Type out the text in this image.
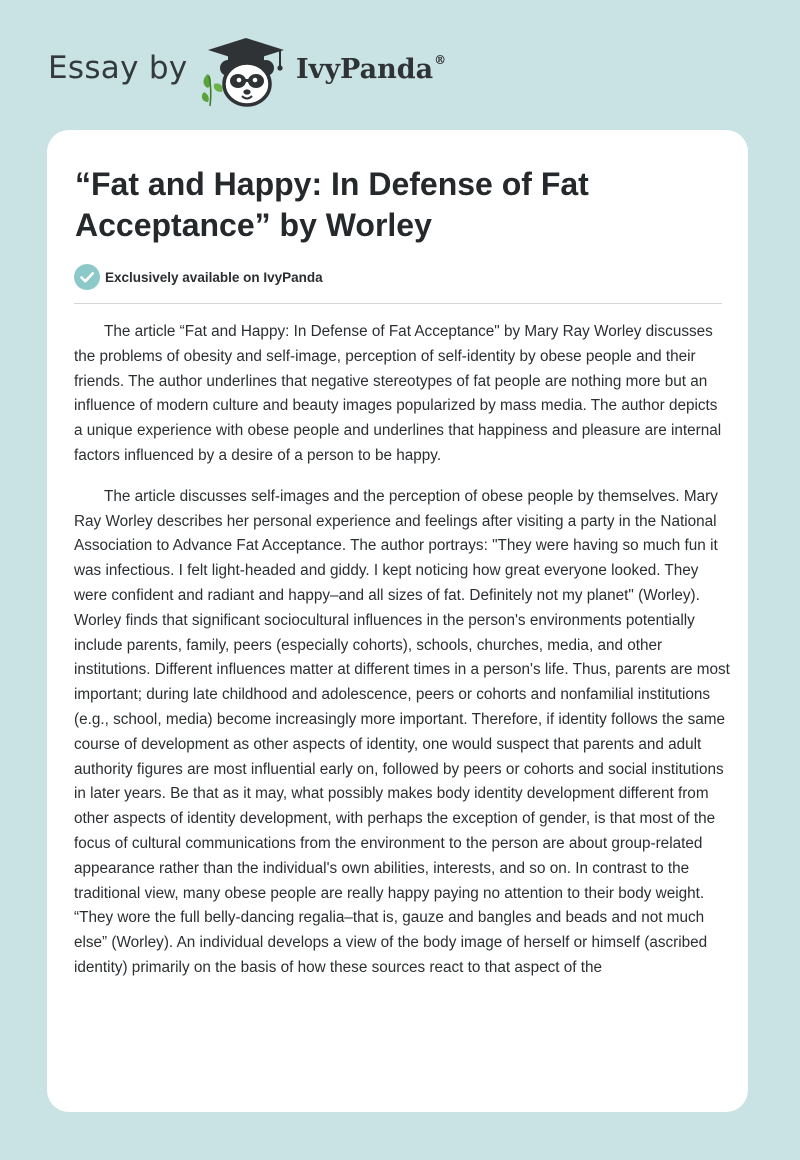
Essay by	IvyPanda®
“Fat and Happy: In Defense of Fat Acceptance” by Worley
Exclusively available on IvyPanda

The article “Fat and Happy: In Defense of Fat Acceptance" by Mary Ray Worley discusses the problems of obesity and self-image, perception of self-identity by obese people and their friends. The author underlines that negative stereotypes of fat people are nothing more but an influence of modern culture and beauty images popularized by mass media. The author depicts a unique experience with obese people and underlines that happiness and pleasure are internal factors influenced by a desire of a person to be happy.

The article discusses self-images and the perception of obese people by themselves. Mary Ray Worley describes her personal experience and feelings after visiting a party in the National Association to Advance Fat Acceptance. The author portrays: "They were having so much fun it was infectious. I felt light-headed and giddy. I kept noticing how great everyone looked. They were confident and radiant and happy–and all sizes of fat. Definitely not my planet" (Worley). Worley finds that significant sociocultural influences in the person's environments potentially include parents, family, peers (especially cohorts), schools, churches, media, and other institutions. Different influences matter at different times in a person's life. Thus, parents are most important; during late childhood and adolescence, peers or cohorts and nonfamilial institutions (e.g., school, media) become increasingly more important. Therefore, if identity follows the same course of development as other aspects of identity, one would suspect that parents and adult authority figures are most influential early on, followed by peers or cohorts and social institutions in later years. Be that as it may, what possibly makes body identity development different from other aspects of identity development, with perhaps the exception of gender, is that most of the focus of cultural communications from the environment to the person are about group-related appearance rather than the individual's own abilities, interests, and so on. In contrast to the traditional view, many obese people are really happy paying no attention to their body weight. “They wore the full belly-dancing regalia–that is, gauze and bangles and beads and not much else” (Worley). An individual develops a view of the body image of herself or himself (ascribed identity) primarily on the basis of how these sources react to that aspect of the
